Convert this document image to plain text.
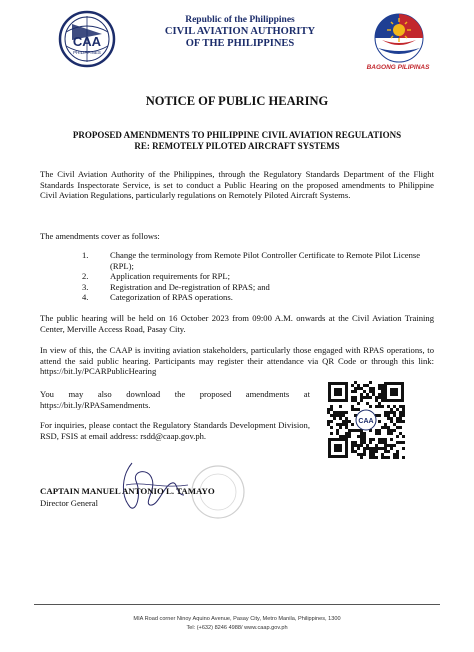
CAA
PHILIPPINES
Republic of the Philippines
CIVIL AVIATION AUTHORITY
OF THE PHILIPPINES
BAGONG PILIPINAS
NOTICE OF PUBLIC HEARING
PROPOSED AMENDMENTS TO PHILIPPINE CIVIL AVIATION REGULATIONS
RE: REMOTELY PILOTED AIRCRAFT SYSTEMS
The Civil Aviation Authority of the Philippines, through the Regulatory Standards Department of the Flight Standards Inspectorate Service, is set to conduct a Public Hearing on the proposed amendments to Philippine Civil Aviation Regulations, particularly regulations on Remotely Piloted Aircraft Systems.
The amendments cover as follows:
1.	Change the terminology from Remote Pilot Controller Certificate to Remote Pilot License (RPL);
2.	Application requirements for RPL;
3.	Registration and De-registration of RPAS; and
4.	Categorization of RPAS operations.
The public hearing will be held on 16 October 2023 from 09:00 A.M. onwards at the Civil Aviation Training Center, Merville Access Road, Pasay City.
In view of this, the CAAP is inviting aviation stakeholders, particularly those engaged with RPAS operations, to attend the said public hearing. Participants may register their attendance via QR Code or through this link: https://bit.ly/PCARPublicHearing
You may also download the proposed amendments at https://bit.ly/RPASamendments.
For inquiries, please contact the Regulatory Standards Development Division, RSD, FSIS at email address: rsdd@caap.gov.ph.
CAA
CAPTAIN MANUEL ANTONIO L. TAMAYO
Director General
MIA Road corner Ninoy Aquino Avenue, Pasay City, Metro Manila, Philippines, 1300
Tel: (+632) 8246 4988/ www.caap.gov.ph
